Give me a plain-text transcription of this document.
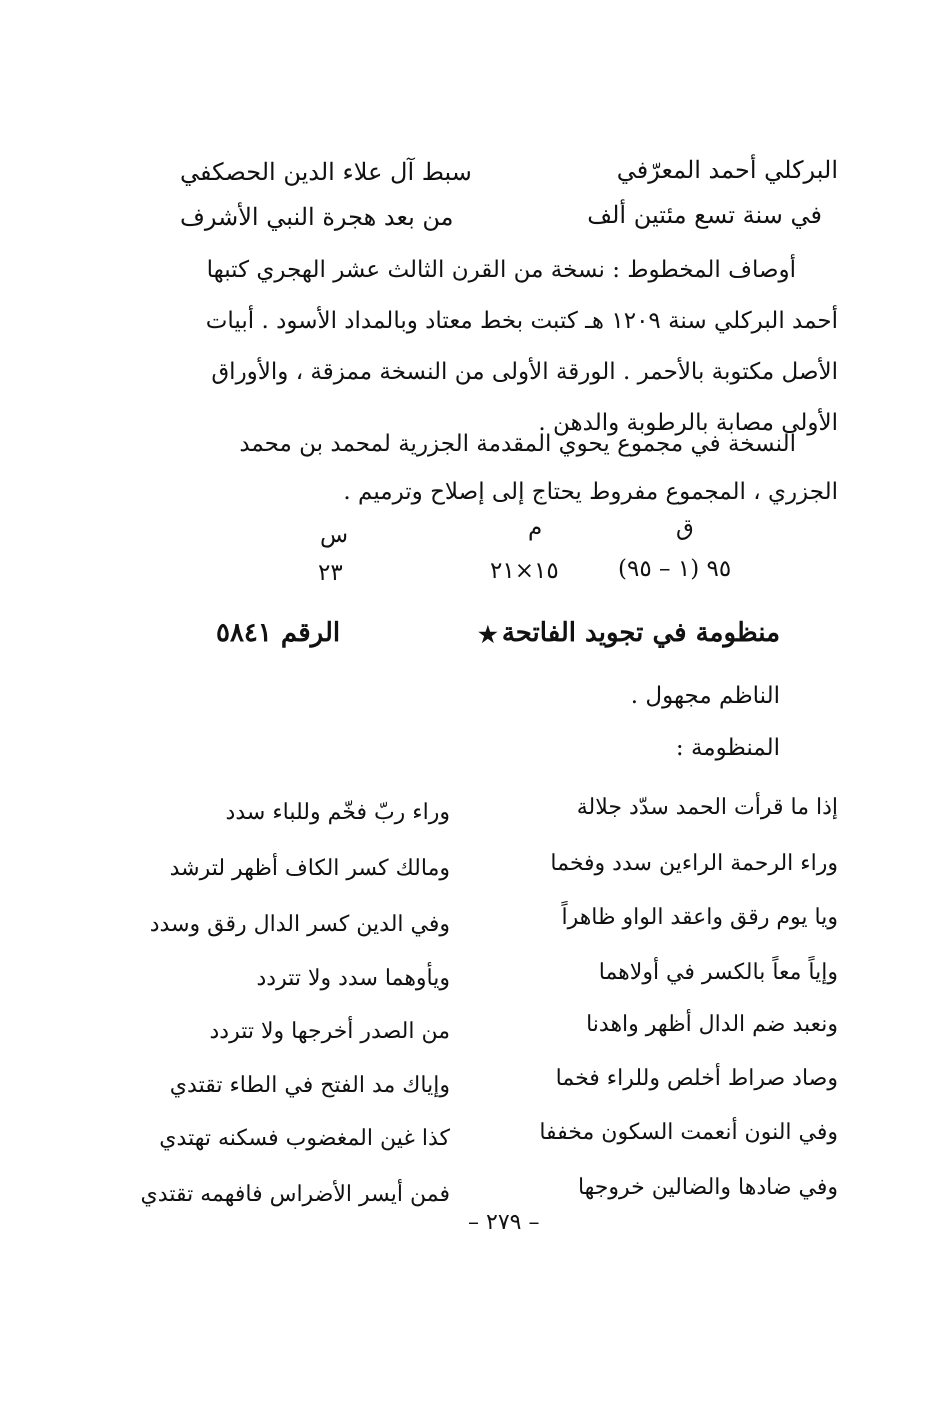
البركلي أحمد المعرّفي
سبط آل علاء الدين الحصكفي
في سنة تسع مئتين ألف
من بعد هجرة النبي الأشرف
أوصاف المخطوط : نسخة من القرن الثالث عشر الهجري كتبها
أحمد البركلي سنة ١٢٠٩ هـ كتبت بخط معتاد وبالمداد الأسود . أبيات
الأصل مكتوبة بالأحمر . الورقة الأولى من النسخة ممزقة ، والأوراق
الأولى مصابة بالرطوبة والدهن .
النسخة في مجموع يحوي المقدمة الجزرية لمحمد بن محمد
الجزري ، المجموع مفروط يحتاج إلى إصلاح وترميم .
ق
م
س
٩٥ (١ – ٩٥)
١٥×٢١
٢٣
منظومة في تجويد الفاتحة
★
الرقم ٥٨٤١
الناظم مجهول .
المنظومة :
إذا ما قرأت الحمد سدّد جلالة
وراء ربّ فخّم وللباء سدد
وراء الرحمة الراءين سدد وفخما
ومالك كسر الكاف أظهر لترشد
ويا يوم رقق واعقد الواو ظاهراً
وفي الدين كسر الدال رقق وسدد
وإياً معاً بالكسر في أولاهما
ويأوهما سدد ولا تتردد
ونعبد ضم الدال أظهر واهدنا
من الصدر أخرجها ولا تتردد
وصاد صراط أخلص وللراء فخما
وإياك مد الفتح في الطاء تقتدي
وفي النون أنعمت السكون مخففا
كذا غين المغضوب فسكنه تهتدي
وفي ضادها والضالين خروجها
فمن أيسر الأضراس فافهمه تقتدي
– ٢٧٩ –
